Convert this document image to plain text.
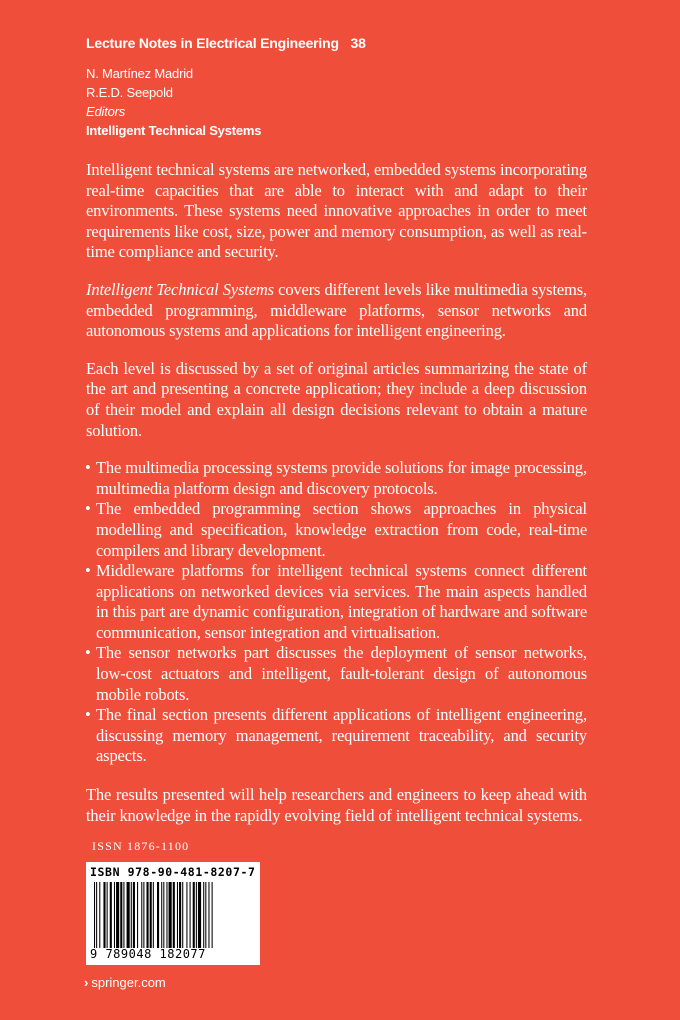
Lecture Notes in Electrical Engineering 38
N. Martínez Madrid
R.E.D. Seepold
Editors
Intelligent Technical Systems

Intelligent technical systems are networked, embedded systems incorporating real-time capacities that are able to interact with and adapt to their environments. These systems need innovative approaches in order to meet requirements like cost, size, power and memory consumption, as well as real-time compliance and security.

Intelligent Technical Systems covers different levels like multimedia systems, embedded programming, middleware platforms, sensor networks and autonomous systems and applications for intelligent engineering.

Each level is discussed by a set of original articles summarizing the state of the art and presenting a concrete application; they include a deep discussion of their model and explain all design decisions relevant to obtain a mature solution.

• The multimedia processing systems provide solutions for image processing, multimedia platform design and discovery protocols.
• The embedded programming section shows approaches in physical modelling and specification, knowledge extraction from code, real-time compilers and library development.
• Middleware platforms for intelligent technical systems connect different applications on networked devices via services. The main aspects handled in this part are dynamic configuration, integration of hardware and software communication, sensor integration and virtualisation.
• The sensor networks part discusses the deployment of sensor networks, low-cost actuators and intelligent, fault-tolerant design of autonomous mobile robots.
• The final section presents different applications of intelligent engineering, discussing memory management, requirement traceability, and security aspects.

The results presented will help researchers and engineers to keep ahead with their knowledge in the rapidly evolving field of intelligent technical systems.

ISSN 1876-1100
ISBN 978-90-481-8207-7
9 789048 182077
› springer.com
